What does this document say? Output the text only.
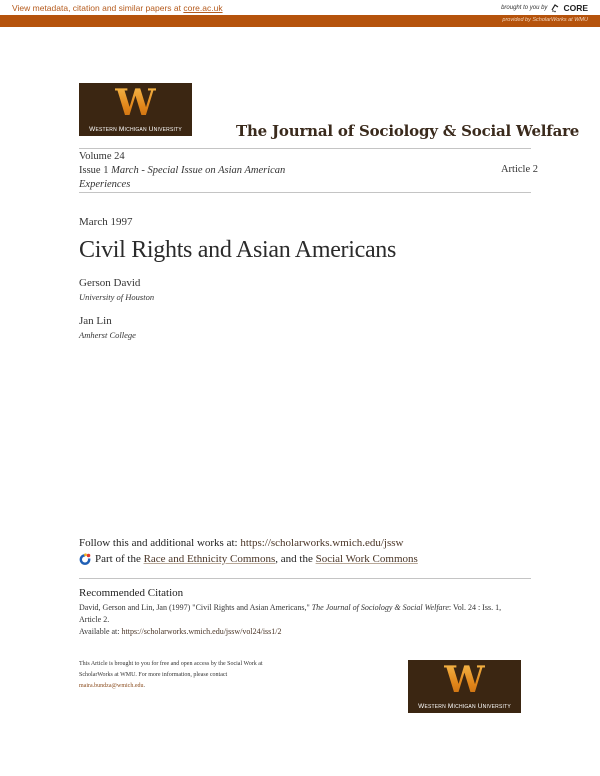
View metadata, citation and similar papers at core.ac.uk	brought to you by CORE
provided by ScholarWorks at WMU
W
Western Michigan University	The Journal of Sociology & Social Welfare
Volume 24
Issue 1 March - Special Issue on Asian American
Experiences
Article 2
March 1997
Civil Rights and Asian Americans
Gerson David
University of Houston
Jan Lin
Amherst College
Follow this and additional works at: https://scholarworks.wmich.edu/jssw
Part of the Race and Ethnicity Commons, and the Social Work Commons
Recommended Citation
David, Gerson and Lin, Jan (1997) "Civil Rights and Asian Americans," The Journal of Sociology & Social Welfare: Vol. 24 : Iss. 1,
Article 2.
Available at: https://scholarworks.wmich.edu/jssw/vol24/iss1/2
This Article is brought to you for free and open access by the Social Work at
ScholarWorks at WMU. For more information, please contact
maira.bundza@wmich.edu.	W
Western Michigan University
